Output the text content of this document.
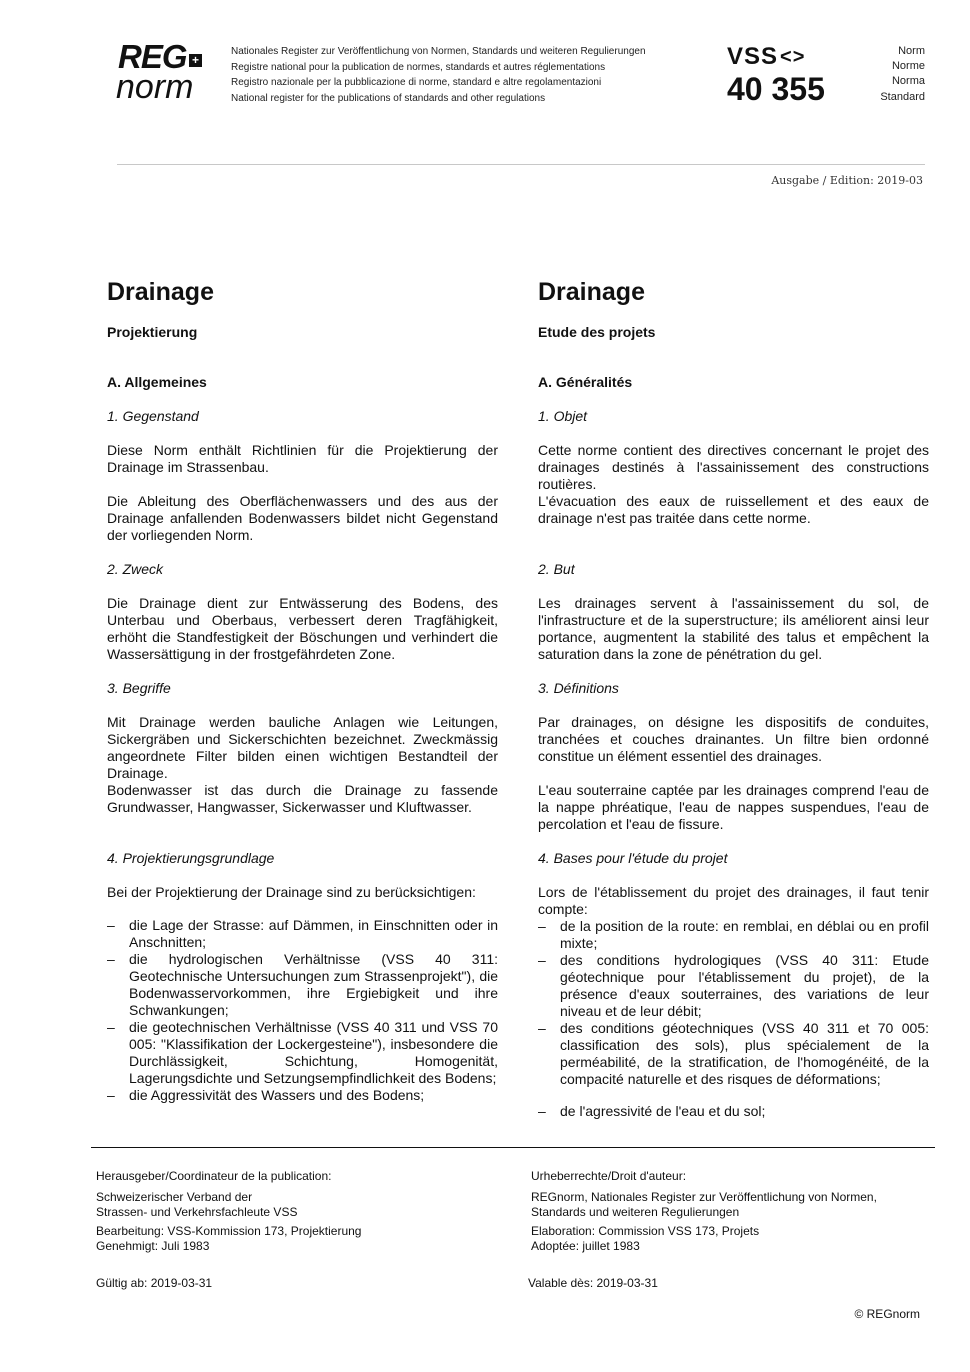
REG +
norm
Nationales Register zur Veröffentlichung von Normen, Standards und weiteren Regulierungen
Registre national pour la publication de normes, standards et autres réglementations
Registro nazionale per la pubblicazione di norme, standard e altre regolamentazioni
National register for the publications of standards and other regulations
VSS <>
40 355
Norm
Norme
Norma
Standard
Ausgabe / Edition: 2019-03
Drainage
Projektierung
A. Allgemeines
1. Gegenstand

Diese Norm enthält Richtlinien für die Projektierung der Drainage im Strassenbau.

Die Ableitung des Oberflächenwassers und des aus der Drainage anfallenden Bodenwassers bildet nicht Gegenstand der vorliegenden Norm.

2. Zweck

Die Drainage dient zur Entwässerung des Bodens, des Unterbau und Oberbaus, verbessert deren Tragfähigkeit, erhöht die Standfestigkeit der Böschungen und verhindert die Wassersättigung in der frostgefährdeten Zone.

3. Begriffe

Mit Drainage werden bauliche Anlagen wie Leitungen, Sickergräben und Sickerschichten bezeichnet. Zweckmässig angeordnete Filter bilden einen wichtigen Bestandteil der Drainage.

Bodenwasser ist das durch die Drainage zu fassende Grundwasser, Hangwasser, Sickerwasser und Kluftwasser.

4. Projektierungsgrundlage

Bei der Projektierung der Drainage sind zu berücksichtigen:

– die Lage der Strasse: auf Dämmen, in Einschnitten oder in Anschnitten;
– die hydrologischen Verhältnisse (VSS 40 311: Geotechnische Untersuchungen zum Strassenprojekt"), die Bodenwasservorkommen, ihre Ergiebigkeit und ihre Schwankungen;
– die geotechnischen Verhältnisse (VSS 40 311 und VSS 70 005: "Klassifikation der Lockergesteine"), insbesondere die Durchlässigkeit, Schichtung, Homogenität, Lagerungsdichte und Setzungsempfindlichkeit des Bodens;
– die Aggressivität des Wassers und des Bodens;
Drainage
Etude des projets
A. Généralités
1. Objet

Cette norme contient des directives concernant le projet des drainages destinés à l'assainissement des constructions routières.

L'évacuation des eaux de ruissellement et des eaux de drainage n'est pas traitée dans cette norme.

2. But

Les drainages servent à l'assainissement du sol, de l'infrastructure et de la superstructure; ils améliorent ainsi leur portance, augmentent la stabilité des talus et empêchent la saturation dans la zone de pénétration du gel.

3. Définitions

Par drainages, on désigne les dispositifs de conduites, tranchées et couches drainantes. Un filtre bien ordonné constitue un élément essentiel des drainages.

L'eau souterraine captée par les drainages comprend l'eau de la nappe phréatique, l'eau de nappes suspendues, l'eau de percolation et l'eau de fissure.

4. Bases pour l'étude du projet

Lors de l'établissement du projet des drainages, il faut tenir compte:

– de la position de la route: en remblai, en déblai ou en profil mixte;
– des conditions hydrologiques (VSS 40 311: Etude géotechnique pour l'établissement du projet), de la présence d'eaux souterraines, des variations de leur niveau et de leur débit;
– des conditions géotechniques (VSS 40 311 et 70 005: classification des sols), plus spécialement de la perméabilité, de la stratification, de l'homogénéité, de la compacité naturelle et des risques de déformations;
– de l'agressivité de l'eau et du sol;
Herausgeber/Coordinateur de la publication:
Schweizerischer Verband der
Strassen- und Verkehrsfachleute VSS
Bearbeitung: VSS-Kommission 173, Projektierung
Genehmigt: Juli 1983
Urheberrechte/Droit d'auteur:
REGnorm, Nationales Register zur Veröffentlichung von Normen,
Standards und weiteren Regulierungen
Elaboration: Commission VSS 173, Projets
Adoptée: juillet 1983
Gültig ab: 2019-03-31	Valable dès: 2019-03-31
© REGnorm
